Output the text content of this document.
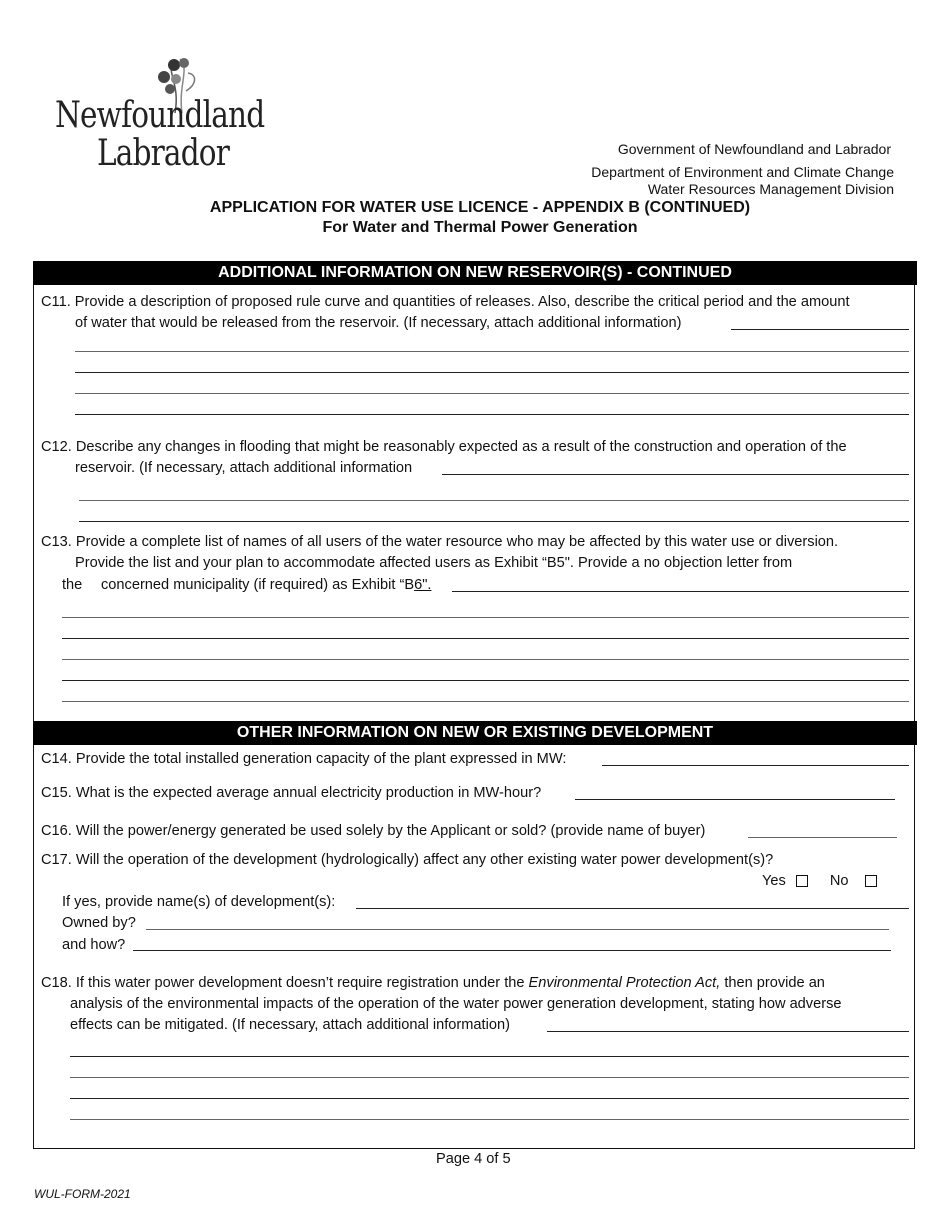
Newfoundland
Labrador	Government of Newfoundland and Labrador
Department of Environment and Climate Change
Water Resources Management Division
APPLICATION FOR WATER USE LICENCE - APPENDIX B (CONTINUED)
For Water and Thermal Power Generation
ADDITIONAL INFORMATION ON NEW RESERVOIR(S) - CONTINUED
C11. Provide a description of proposed rule curve and quantities of releases. Also, describe the critical period and the amount
of water that would be released from the reservoir. (If necessary, attach additional information)
C12. Describe any changes in flooding that might be reasonably expected as a result of the construction and operation of the
reservoir. (If necessary, attach additional information
C13. Provide a complete list of names of all users of the water resource who may be affected by this water use or diversion.
Provide the list and your plan to accommodate affected users as Exhibit “B5". Provide a no objection letter from
the concerned municipality (if required) as Exhibit “B6".
OTHER INFORMATION ON NEW OR EXISTING DEVELOPMENT
C14. Provide the total installed generation capacity of the plant expressed in MW:
C15. What is the expected average annual electricity production in MW-hour?
C16. Will the power/energy generated be used solely by the Applicant or sold? (provide name of buyer)
C17. Will the operation of the development (hydrologically) affect any other existing water power development(s)?
Yes	No
If yes, provide name(s) of development(s):
Owned by?
and how?
C18. If this water power development doesn’t require registration under the Environmental Protection Act, then provide an
analysis of the environmental impacts of the operation of the water power generation development, stating how adverse
effects can be mitigated. (If necessary, attach additional information)
Page 4 of 5
WUL-FORM-2021
